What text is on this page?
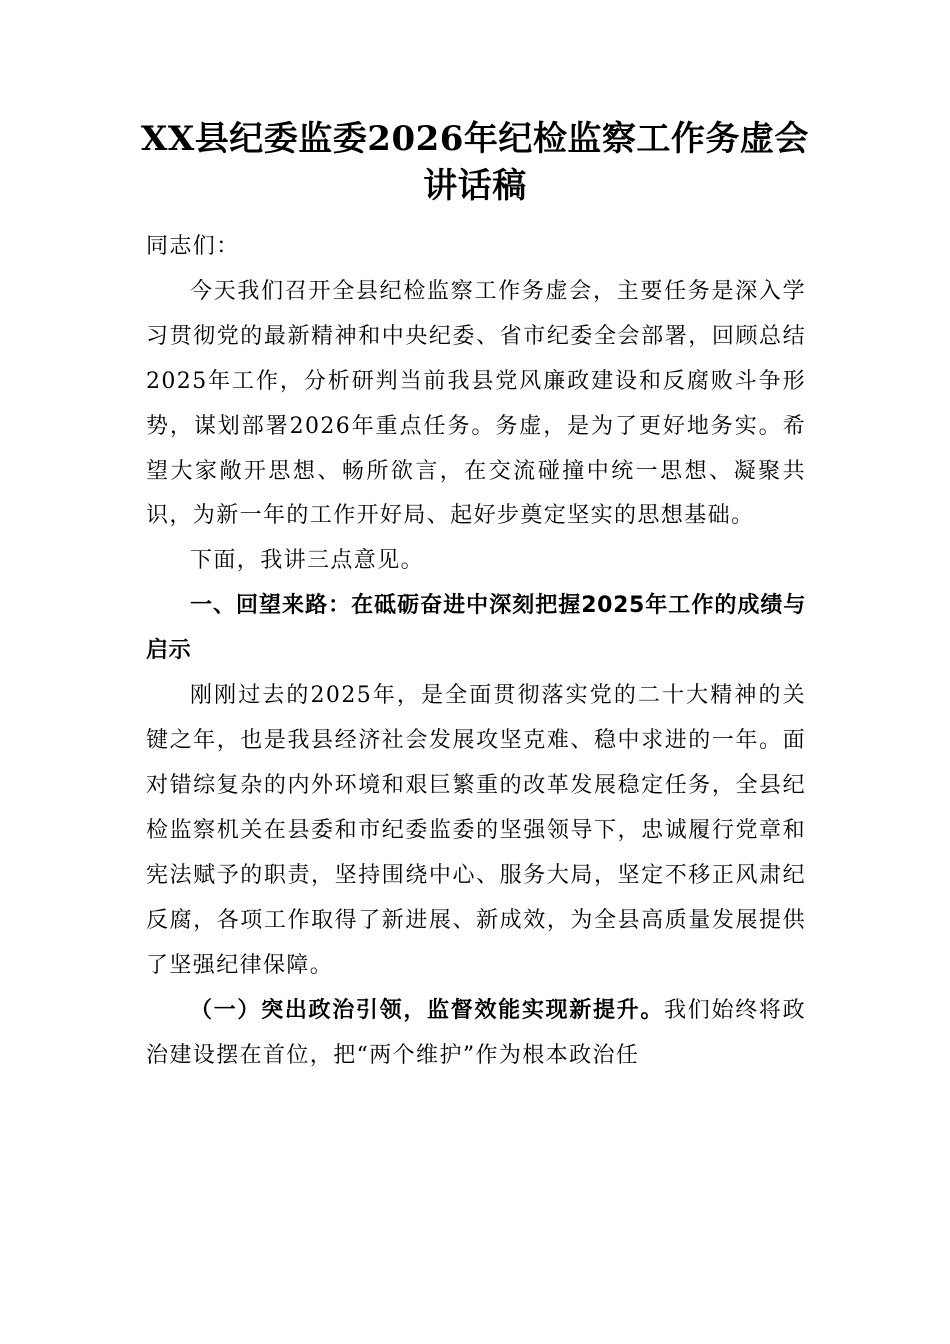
XX县纪委监委2026年纪检监察工作务虚会讲话稿

同志们：

今天我们召开全县纪检监察工作务虚会，主要任务是深入学习贯彻党的最新精神和中央纪委、省市纪委全会部署，回顾总结2025年工作，分析研判当前我县党风廉政建设和反腐败斗争形势，谋划部署2026年重点任务。务虚，是为了更好地务实。希望大家敞开思想、畅所欲言，在交流碰撞中统一思想、凝聚共识，为新一年的工作开好局、起好步奠定坚实的思想基础。

下面，我讲三点意见。

一、回望来路：在砥砺奋进中深刻把握2025年工作的成绩与启示

刚刚过去的2025年，是全面贯彻落实党的二十大精神的关键之年，也是我县经济社会发展攻坚克难、稳中求进的一年。面对错综复杂的内外环境和艰巨繁重的改革发展稳定任务，全县纪检监察机关在县委和市纪委监委的坚强领导下，忠诚履行党章和宪法赋予的职责，坚持围绕中心、服务大局，坚定不移正风肃纪反腐，各项工作取得了新进展、新成效，为全县高质量发展提供了坚强纪律保障。

（一）突出政治引领，监督效能实现新提升。我们始终将政治建设摆在首位，把“两个维护”作为根本政治任
